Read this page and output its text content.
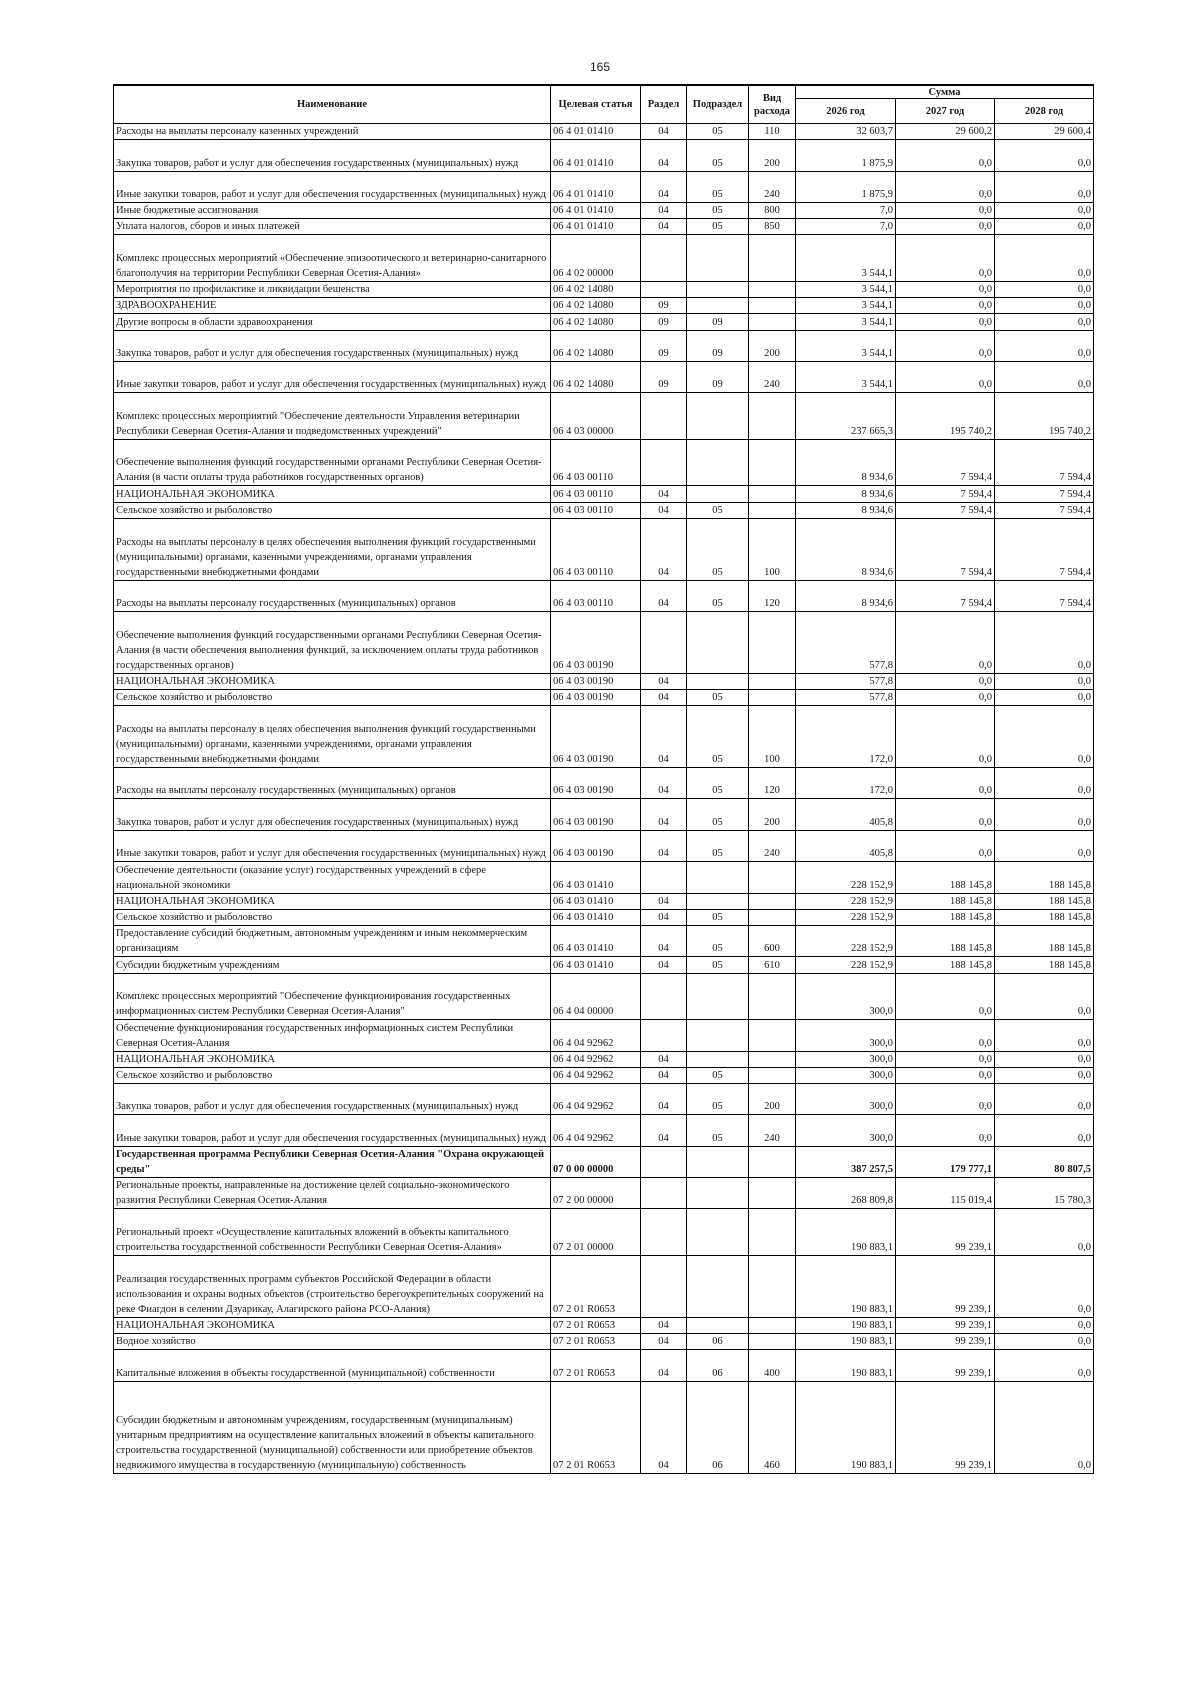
165
Наименование	Целевая статья	Раздел	Подраздел	Вид расхода	Сумма		
					2026 год	2027 год	2028 год
Расходы на выплаты персоналу казенных учреждений	06 4 01 01410	04	05	110	32 603,7	29 600,2	29 600,4
Закупка товаров, работ и услуг для обеспечения государственных (муниципальных) нужд	06 4 01 01410	04	05	200	1 875,9	0,0	0,0
Иные закупки товаров, работ и услуг для обеспечения государственных (муниципальных) нужд	06 4 01 01410	04	05	240	1 875,9	0,0	0,0
Иные бюджетные ассигнования	06 4 01 01410	04	05	800	7,0	0,0	0,0
Уплата налогов, сборов и иных платежей	06 4 01 01410	04	05	850	7,0	0,0	0,0
Комплекс процессных мероприятий «Обеспечение эпизоотического и ветеринарно-санитарного благополучия на территории Республики Северная Осетия-Алания»	06 4 02 00000				3 544,1	0,0	0,0
Мероприятия по профилактике и ликвидации бешенства	06 4 02 14080				3 544,1	0,0	0,0
ЗДРАВООХРАНЕНИЕ	06 4 02 14080	09			3 544,1	0,0	0,0
Другие вопросы в области здравоохранения	06 4 02 14080	09	09		3 544,1	0,0	0,0
Закупка товаров, работ и услуг для обеспечения государственных (муниципальных) нужд	06 4 02 14080	09	09	200	3 544,1	0,0	0,0
Иные закупки товаров, работ и услуг для обеспечения государственных (муниципальных) нужд	06 4 02 14080	09	09	240	3 544,1	0,0	0,0
Комплекс процессных мероприятий "Обеспечение деятельности Управления ветеринарии Республики Северная Осетия-Алания и подведомственных учреждений"	06 4 03 00000				237 665,3	195 740,2	195 740,2
Обеспечение выполнения функций государственными органами Республики Северная Осетия-Алания (в части оплаты труда работников государственных органов)	06 4 03 00110				8 934,6	7 594,4	7 594,4
НАЦИОНАЛЬНАЯ ЭКОНОМИКА	06 4 03 00110	04			8 934,6	7 594,4	7 594,4
Сельское хозяйство и рыболовство	06 4 03 00110	04	05		8 934,6	7 594,4	7 594,4
Расходы на выплаты персоналу в целях обеспечения выполнения функций государственными (муниципальными) органами, казенными учреждениями, органами управления государственными внебюджетными фондами	06 4 03 00110	04	05	100	8 934,6	7 594,4	7 594,4
Расходы на выплаты персоналу государственных (муниципальных) органов	06 4 03 00110	04	05	120	8 934,6	7 594,4	7 594,4
Обеспечение выполнения функций государственными органами Республики Северная Осетия-Алания (в части обеспечения выполнения функций, за исключением оплаты труда работников государственных органов)	06 4 03 00190				577,8	0,0	0,0
НАЦИОНАЛЬНАЯ ЭКОНОМИКА	06 4 03 00190	04			577,8	0,0	0,0
Сельское хозяйство и рыболовство	06 4 03 00190	04	05		577,8	0,0	0,0
Расходы на выплаты персоналу в целях обеспечения выполнения функций государственными (муниципальными) органами, казенными учреждениями, органами управления государственными внебюджетными фондами	06 4 03 00190	04	05	100	172,0	0,0	0,0
Расходы на выплаты персоналу государственных (муниципальных) органов	06 4 03 00190	04	05	120	172,0	0,0	0,0
Закупка товаров, работ и услуг для обеспечения государственных (муниципальных) нужд	06 4 03 00190	04	05	200	405,8	0,0	0,0
Иные закупки товаров, работ и услуг для обеспечения государственных (муниципальных) нужд	06 4 03 00190	04	05	240	405,8	0,0	0,0
Обеспечение деятельности (оказание услуг) государственных учреждений в сфере национальной экономики	06 4 03 01410				228 152,9	188 145,8	188 145,8
НАЦИОНАЛЬНАЯ ЭКОНОМИКА	06 4 03 01410	04			228 152,9	188 145,8	188 145,8
Сельское хозяйство и рыболовство	06 4 03 01410	04	05		228 152,9	188 145,8	188 145,8
Предоставление субсидий бюджетным, автономным учреждениям и иным некоммерческим организациям	06 4 03 01410	04	05	600	228 152,9	188 145,8	188 145,8
Субсидии бюджетным учреждениям	06 4 03 01410	04	05	610	228 152,9	188 145,8	188 145,8
Комплекс процессных мероприятий "Обеспечение функционирования государственных информационных систем Республики Северная Осетия-Алания"	06 4 04 00000				300,0	0,0	0,0
Обеспечение функционирования государственных информационных систем Республики Северная Осетия-Алания	06 4 04 92962				300,0	0,0	0,0
НАЦИОНАЛЬНАЯ ЭКОНОМИКА	06 4 04 92962	04			300,0	0,0	0,0
Сельское хозяйство и рыболовство	06 4 04 92962	04	05		300,0	0,0	0,0
Закупка товаров, работ и услуг для обеспечения государственных (муниципальных) нужд	06 4 04 92962	04	05	200	300,0	0,0	0,0
Иные закупки товаров, работ и услуг для обеспечения государственных (муниципальных) нужд	06 4 04 92962	04	05	240	300,0	0,0	0,0
Государственная программа Республики Северная Осетия-Алания "Охрана окружающей среды"	07 0 00 00000				387 257,5	179 777,1	80 807,5
Региональные проекты, направленные на достижение целей социально-экономического развития Республики Северная Осетия-Алания	07 2 00 00000				268 809,8	115 019,4	15 780,3
Региональный проект «Осуществление капитальных вложений в объекты капитального строительства государственной собственности Республики Северная Осетия-Алания»	07 2 01 00000				190 883,1	99 239,1	0,0
Реализация государственных программ субъектов Российской Федерации в области использования и охраны водных объектов (строительство берегоукрепительных сооружений на реке Фиагдон в селении Дзуарикау, Алагирского района РСО-Алания)	07 2 01 R0653				190 883,1	99 239,1	0,0
НАЦИОНАЛЬНАЯ ЭКОНОМИКА	07 2 01 R0653	04			190 883,1	99 239,1	0,0
Водное хозяйство	07 2 01 R0653	04	06		190 883,1	99 239,1	0,0
Капитальные вложения в объекты государственной (муниципальной) собственности	07 2 01 R0653	04	06	400	190 883,1	99 239,1	0,0
Субсидии бюджетным и автономным учреждениям, государственным (муниципальным) унитарным предприятиям на осуществление капитальных вложений в объекты капитального строительства государственной (муниципальной) собственности или приобретение объектов недвижимого имущества в государственную (муниципальную) собственность	07 2 01 R0653	04	06	460	190 883,1	99 239,1	0,0
